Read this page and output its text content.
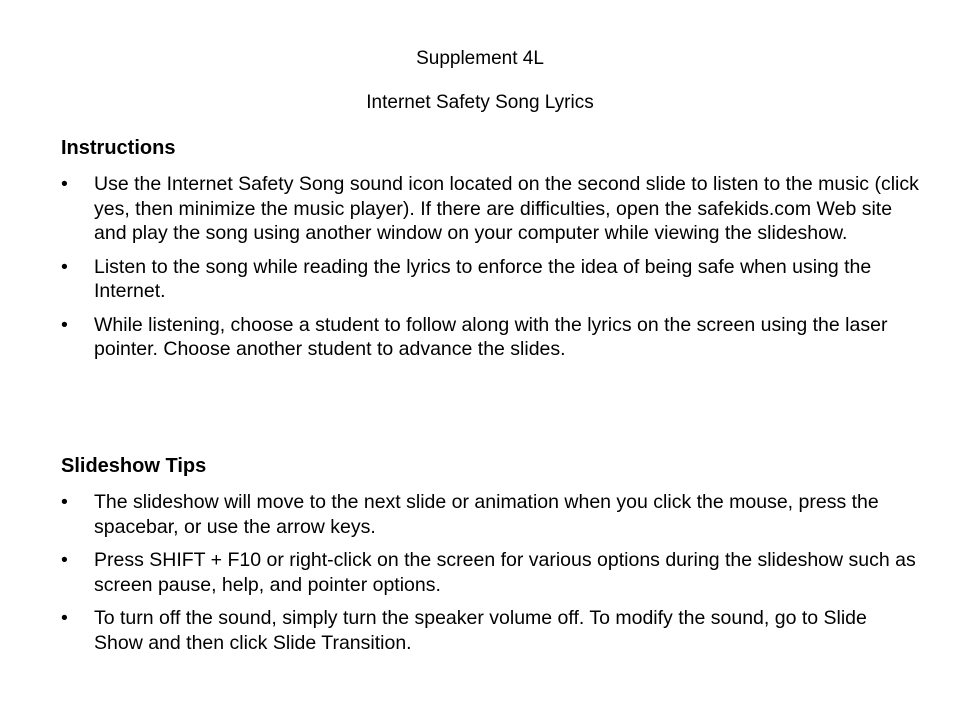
Supplement 4L

Internet Safety Song Lyrics

Instructions
•	Use the Internet Safety Song sound icon located on the second slide to listen to the music (click yes, then minimize the music player). If there are difficulties, open the safekids.com Web site and play the song using another window on your computer while viewing the slideshow.
•	Listen to the song while reading the lyrics to enforce the idea of being safe when using the Internet.
•	While listening, choose a student to follow along with the lyrics on the screen using the laser pointer. Choose another student to advance the slides.
Slideshow Tips
•	The slideshow will move to the next slide or animation when you click the mouse, press the spacebar, or use the arrow keys.
•	Press SHIFT + F10 or right-click on the screen for various options during the slideshow such as screen pause, help, and pointer options.
•	To turn off the sound, simply turn the speaker volume off. To modify the sound, go to Slide Show and then click Slide Transition.
